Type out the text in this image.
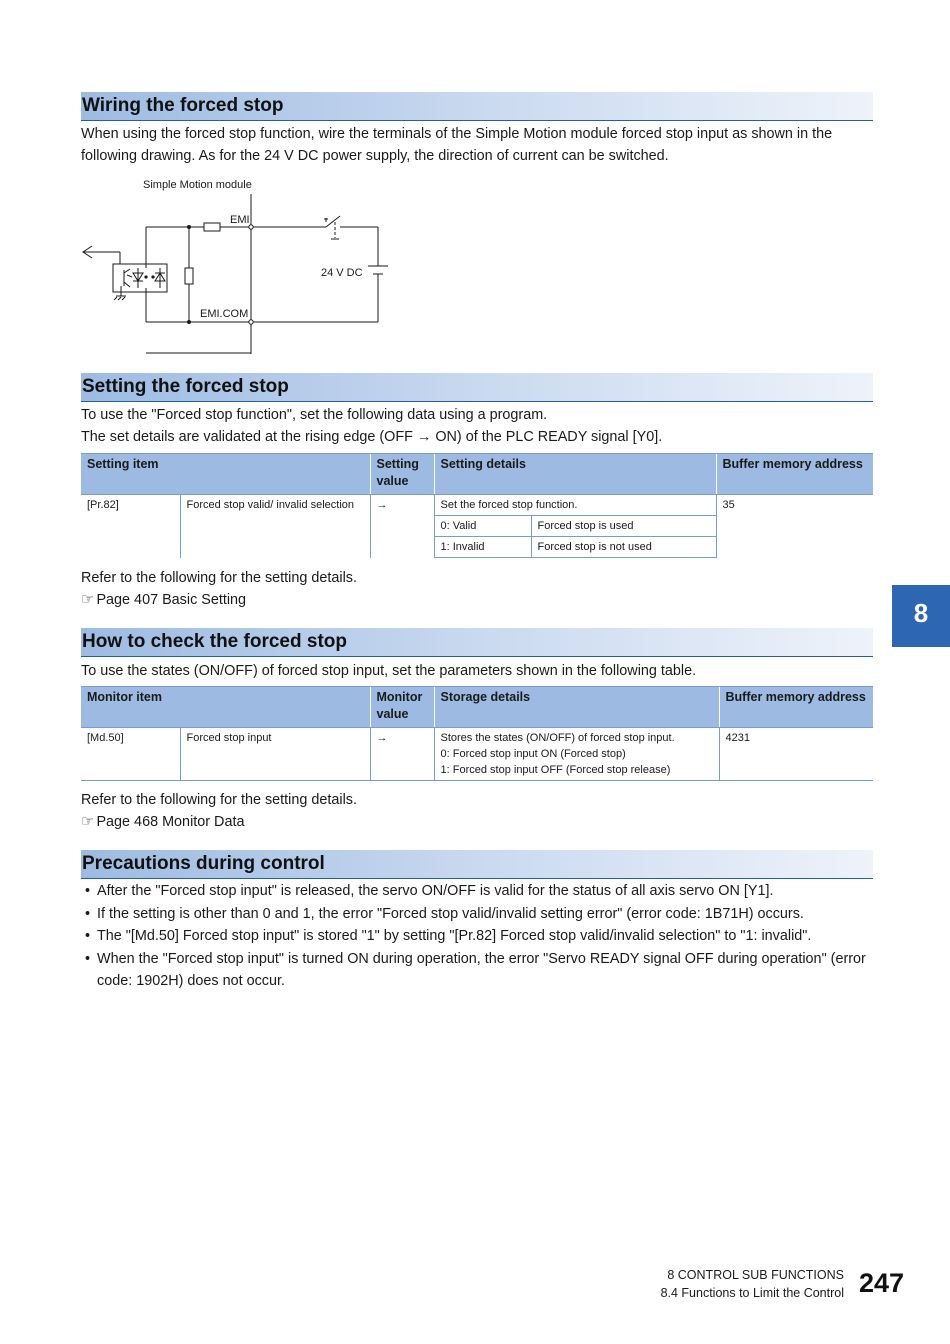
Wiring the forced stop

When using the forced stop function, wire the terminals of the Simple Motion module forced stop input as shown in the

following drawing. As for the 24 V DC power supply, the direction of current can be switched.

Simple Motion module
EMI
24 V DC
EMI.COM
Setting the forced stop

To use the "Forced stop function", set the following data using a program.

The set details are validated at the rising edge (OFF → ON) of the PLC READY signal [Y0].

Setting item		Setting value	Setting details		Buffer memory address
[Pr.82]	Forced stop valid/ invalid selection	→	Set the forced stop function.		35
			0: Valid	Forced stop is used	
			1: Invalid	Forced stop is not used	

Refer to the following for the setting details.

☞ Page 407 Basic Setting
How to check the forced stop

To use the states (ON/OFF) of forced stop input, set the parameters shown in the following table.

Monitor item		Monitor value	Storage details	Buffer memory address
[Md.50]	Forced stop input	→	Stores the states (ON/OFF) of forced stop input.
0: Forced stop input ON (Forced stop)
1: Forced stop input OFF (Forced stop release)	4231

Refer to the following for the setting details.

☞ Page 468 Monitor Data
Precautions during control
• After the "Forced stop input" is released, the servo ON/OFF is valid for the status of all axis servo ON [Y1].
• If the setting is other than 0 and 1, the error "Forced stop valid/invalid setting error" (error code: 1B71H) occurs.
• The "[Md.50] Forced stop input" is stored "1" by setting "[Pr.82] Forced stop valid/invalid selection" to "1: invalid".
• When the "Forced stop input" is turned ON during operation, the error "Servo READY signal OFF during operation" (error code: 1902H) does not occur.
8
8 CONTROL SUB FUNCTIONS
8.4 Functions to Limit the Control 247
